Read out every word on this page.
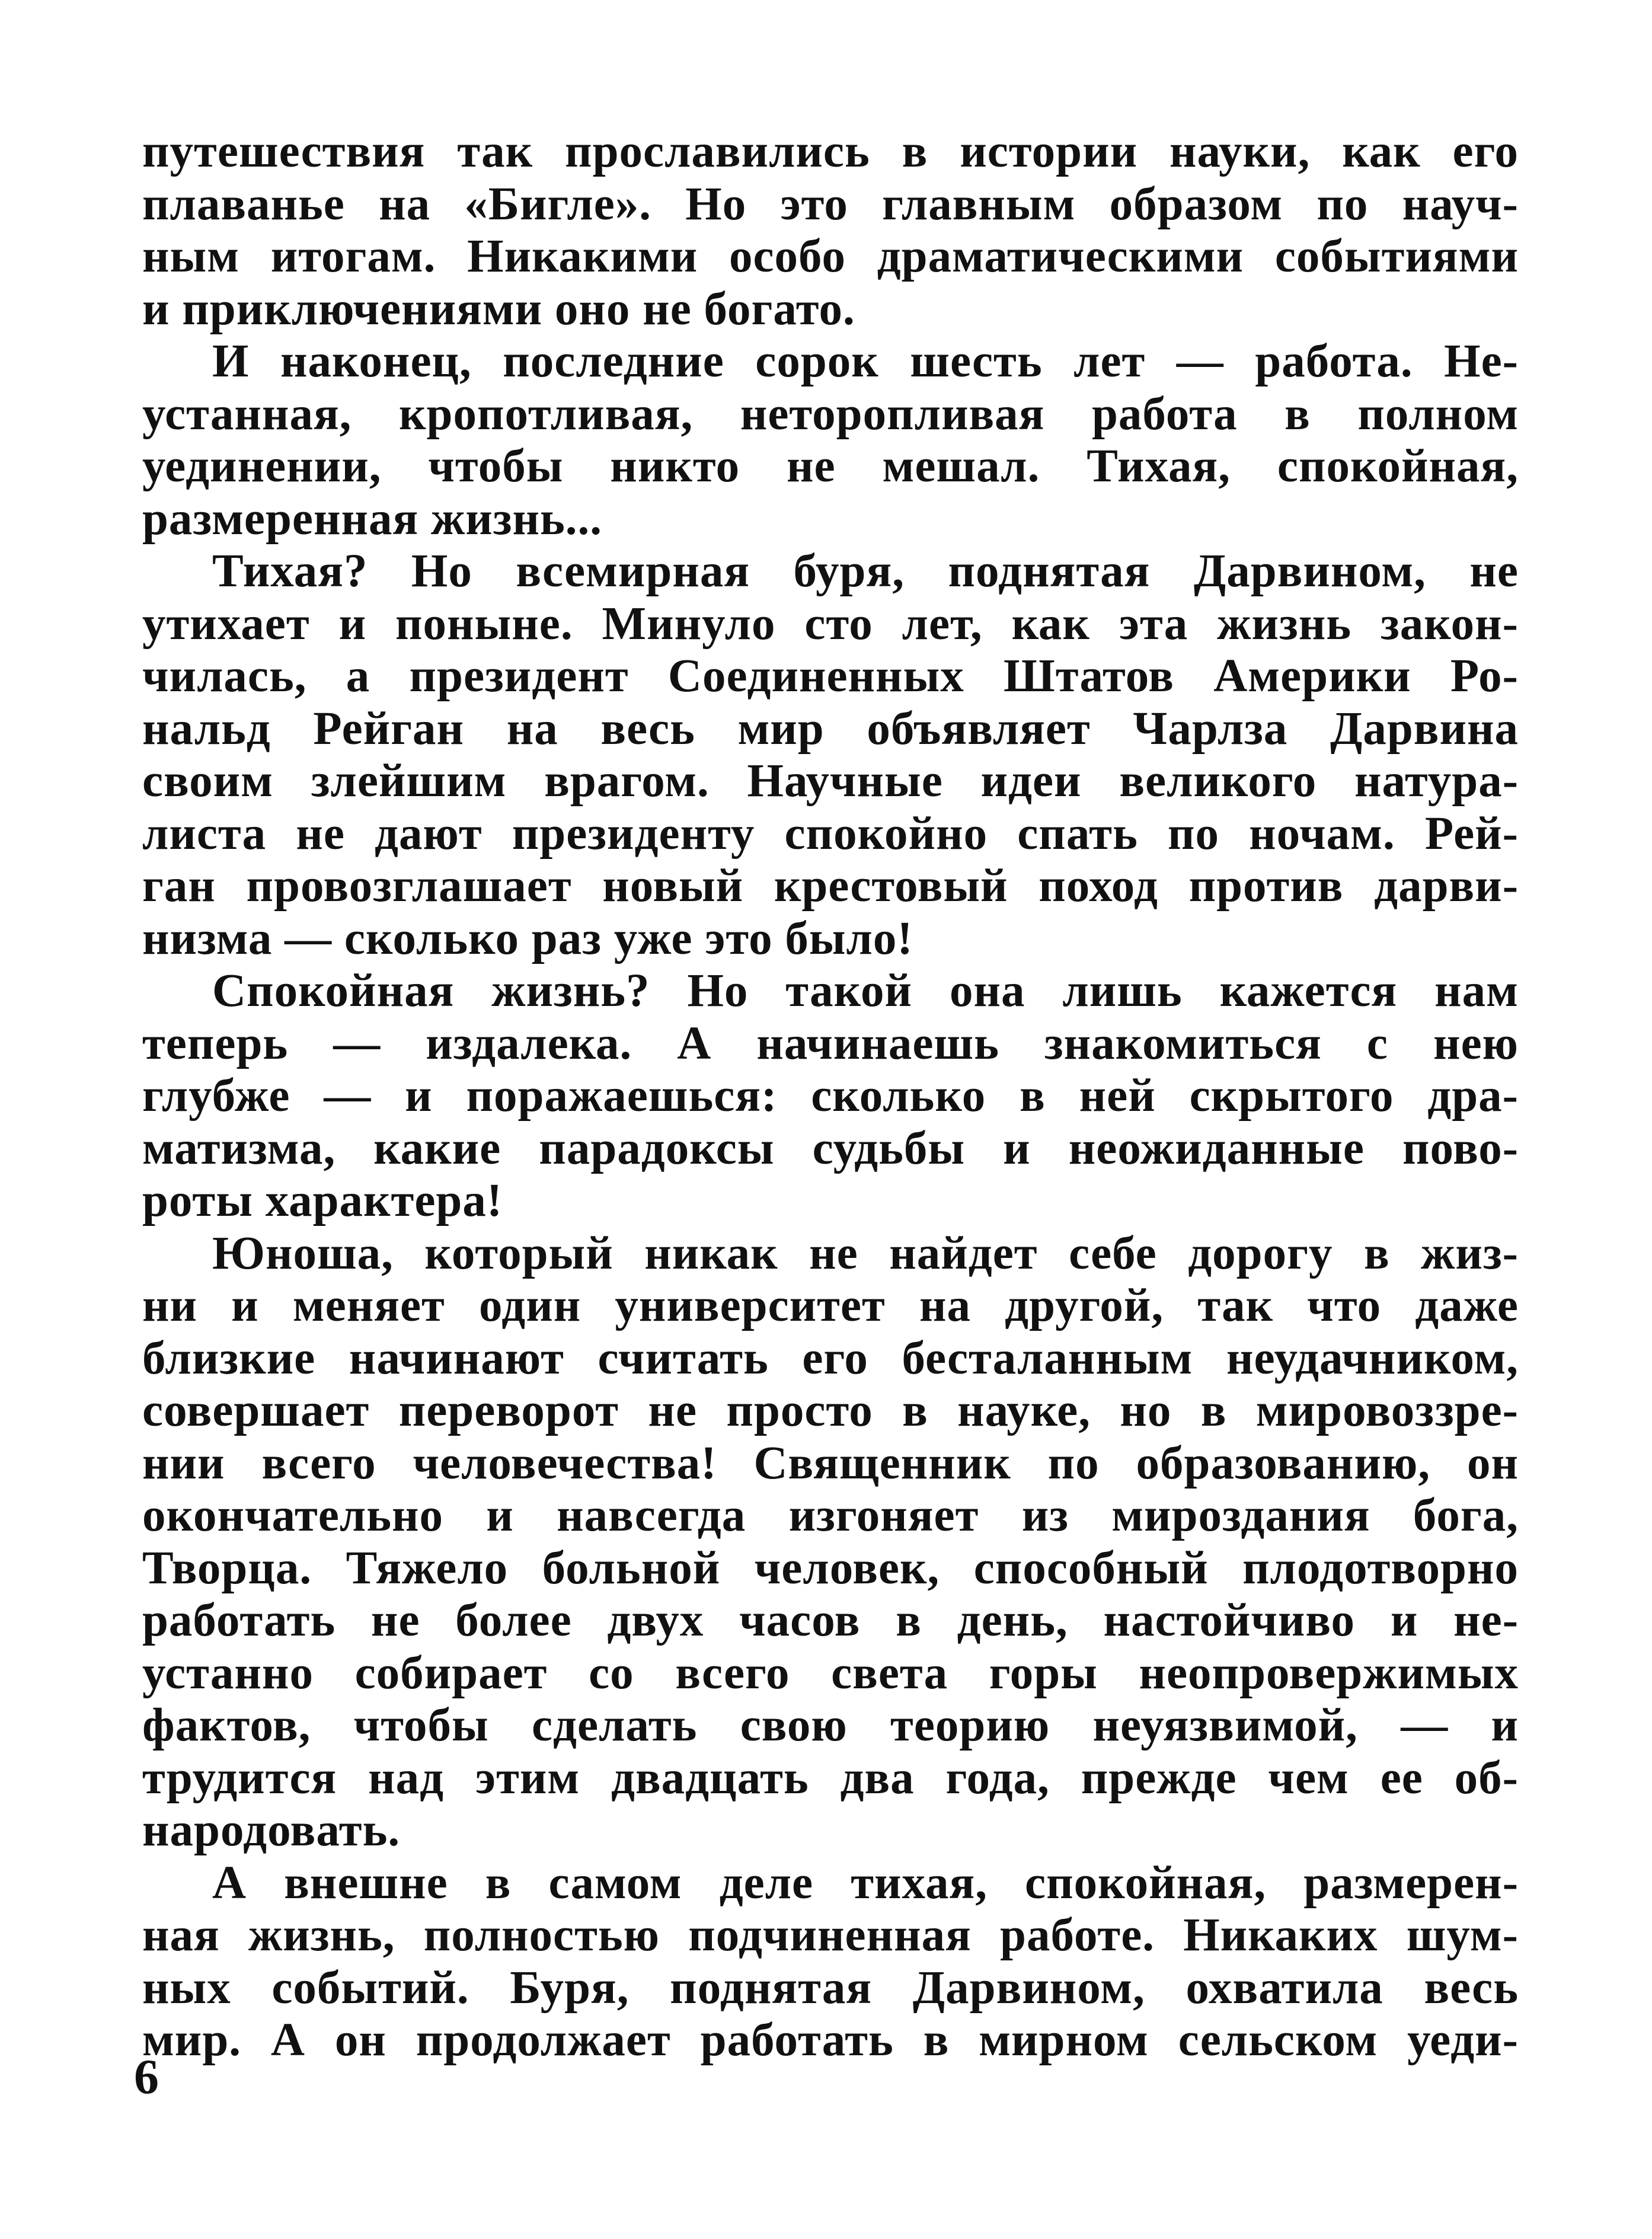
путешествия так прославились в истории науки, как его
плаванье на «Бигле». Но это главным образом по науч-
ным итогам. Никакими особо драматическими событиями
и приключениями оно не богато.
И наконец, последние сорок шесть лет — работа. Не-
устанная, кропотливая, неторопливая работа в полном
уединении, чтобы никто не мешал. Тихая, спокойная,
размеренная жизнь...
Тихая? Но всемирная буря, поднятая Дарвином, не
утихает и поныне. Минуло сто лет, как эта жизнь закон-
чилась, а президент Соединенных Штатов Америки Ро-
нальд Рейган на весь мир объявляет Чарлза Дарвина
своим злейшим врагом. Научные идеи великого натура-
листа не дают президенту спокойно спать по ночам. Рей-
ган провозглашает новый крестовый поход против дарви-
низма — сколько раз уже это было!
Спокойная жизнь? Но такой она лишь кажется нам
теперь — издалека. А начинаешь знакомиться с нею
глубже — и поражаешься: сколько в ней скрытого дра-
матизма, какие парадоксы судьбы и неожиданные пово-
роты характера!
Юноша, который никак не найдет себе дорогу в жиз-
ни и меняет один университет на другой, так что даже
близкие начинают считать его бесталанным неудачником,
совершает переворот не просто в науке, но в мировоззре-
нии всего человечества! Священник по образованию, он
окончательно и навсегда изгоняет из мироздания бога,
Творца. Тяжело больной человек, способный плодотворно
работать не более двух часов в день, настойчиво и не-
устанно собирает со всего света горы неопровержимых
фактов, чтобы сделать свою теорию неуязвимой, — и
трудится над этим двадцать два года, прежде чем ее об-
народовать.
А внешне в самом деле тихая, спокойная, размерен-
ная жизнь, полностью подчиненная работе. Никаких шум-
ных событий. Буря, поднятая Дарвином, охватила весь
мир. А он продолжает работать в мирном сельском уеди-
6
